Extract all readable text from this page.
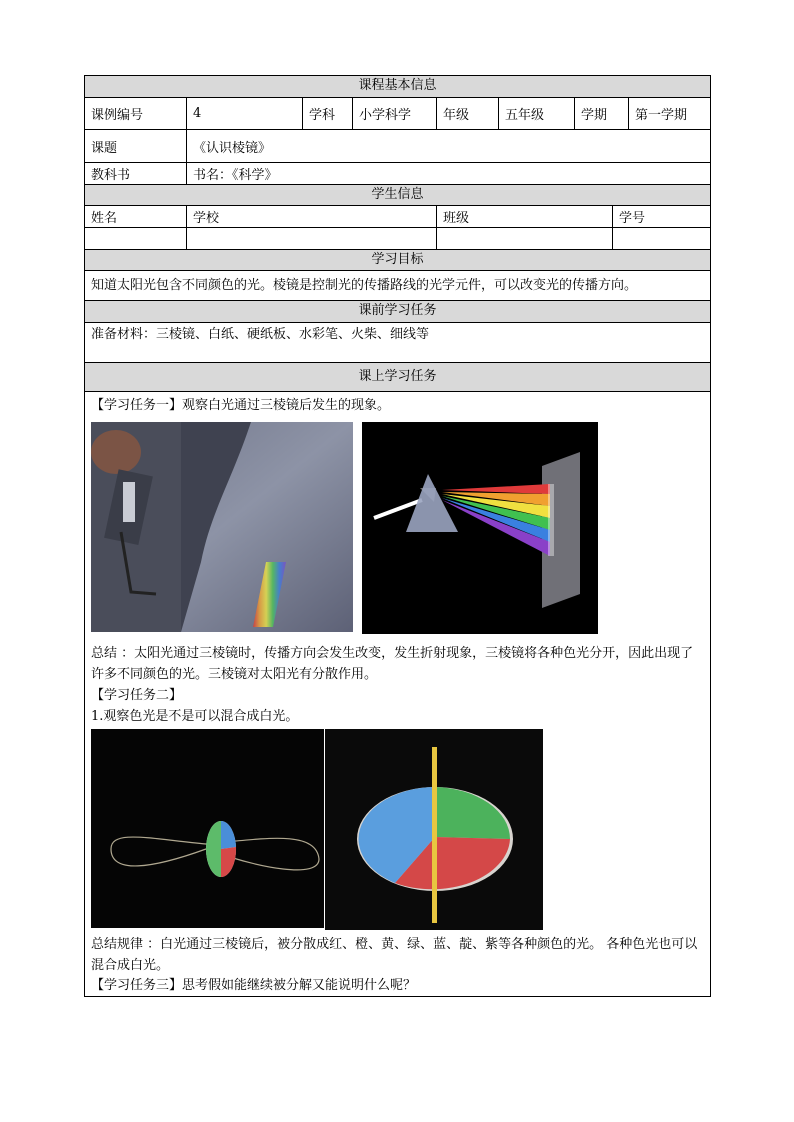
课程基本信息
课例编号	4	学科	小学科学	年级	五年级	学期	第一学期
课题	《认识棱镜》
教科书	书名：《科学》
学生信息
姓名	学校	班级	学号
学习目标
知道太阳光包含不同颜色的光。棱镜是控制光的传播路线的光学元件，可以改变光的传播方向。
课前学习任务
准备材料：三棱镜、白纸、硬纸板、水彩笔、火柴、细线等
课上学习任务
【学习任务一】观察白光通过三棱镜后发生的现象。
总结 ：太阳光通过三棱镜时，传播方向会发生改变，发生折射现象，三棱镜将各种色光分开，因此出现了许多不同颜色的光。三棱镜对太阳光有分散作用。
【学习任务二】
1.观察色光是不是可以混合成白光。
总结规律 ：白光通过三棱镜后，被分散成红、橙、黄、绿、蓝、靛、紫等各种颜色的光。 各种色光也可以混合成白光。
【学习任务三】思考假如能继续被分解又能说明什么呢？
